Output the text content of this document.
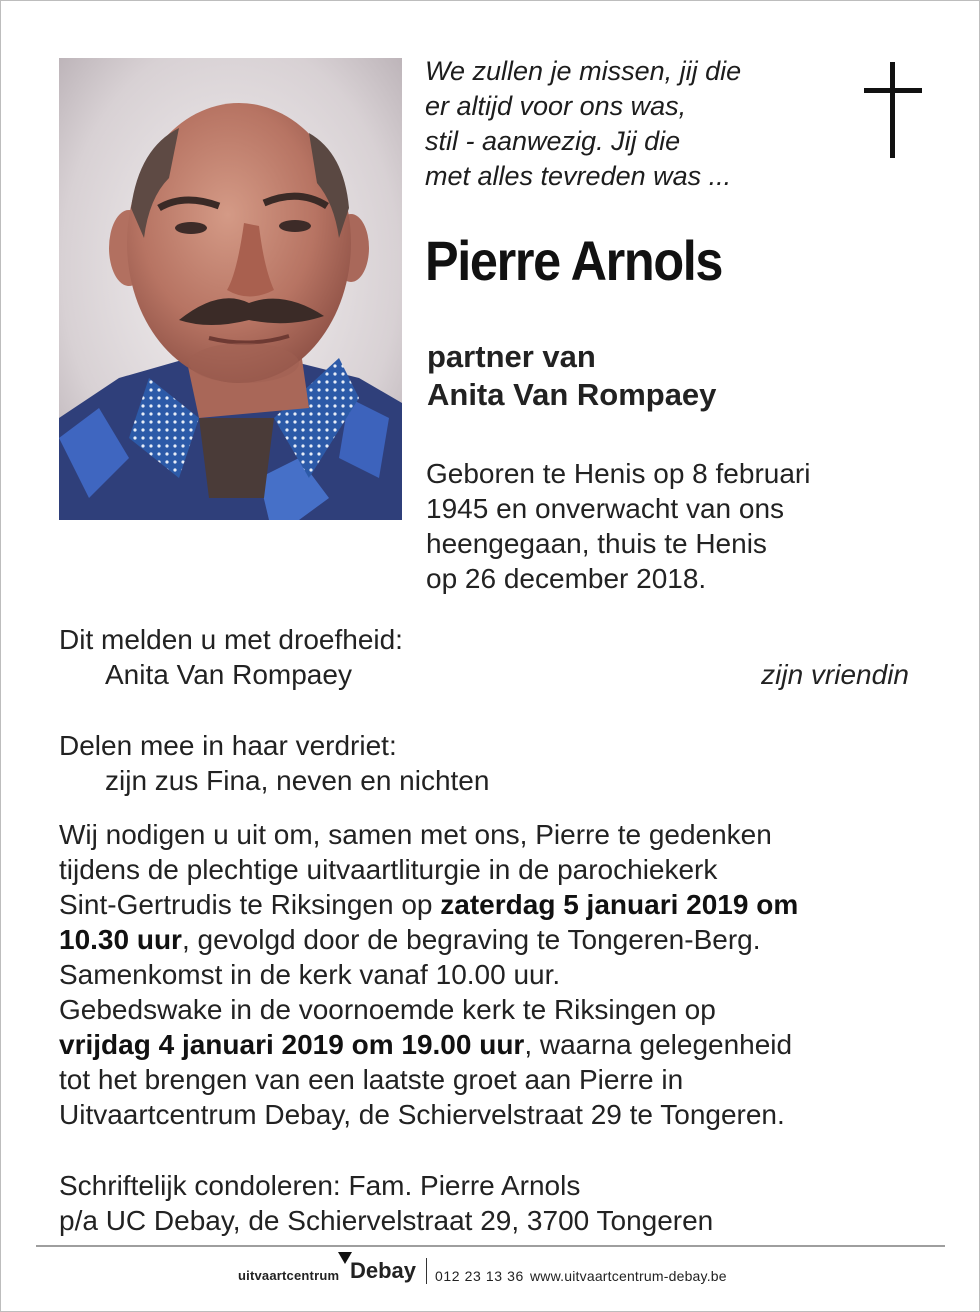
We zullen je missen, jij die
er altijd voor ons was,
stil - aanwezig. Jij die
met alles tevreden was ...
Pierre Arnols
partner van
Anita Van Rompaey
Geboren te Henis op 8 februari
1945 en onverwacht van ons
heengegaan, thuis te Henis
op 26 december 2018.
Dit melden u met droefheid:
Anita Van Rompaey	zijn vriendin
Delen mee in haar verdriet:
zijn zus Fina, neven en nichten
Wij nodigen u uit om, samen met ons, Pierre te gedenken
tijdens de plechtige uitvaartliturgie in de parochiekerk
Sint-Gertrudis te Riksingen op zaterdag 5 januari 2019 om
10.30 uur, gevolgd door de begraving te Tongeren-Berg.
Samenkomst in de kerk vanaf 10.00 uur.
Gebedswake in de voornoemde kerk te Riksingen op
vrijdag 4 januari 2019 om 19.00 uur, waarna gelegenheid
tot het brengen van een laatste groet aan Pierre in
Uitvaartcentrum Debay, de Schiervelstraat 29 te Tongeren.
Schriftelijk condoleren: Fam. Pierre Arnols
p/a UC Debay, de Schiervelstraat 29, 3700 Tongeren
uitvaartcentrum Debay 012 23 13 36 www.uitvaartcentrum-debay.be
